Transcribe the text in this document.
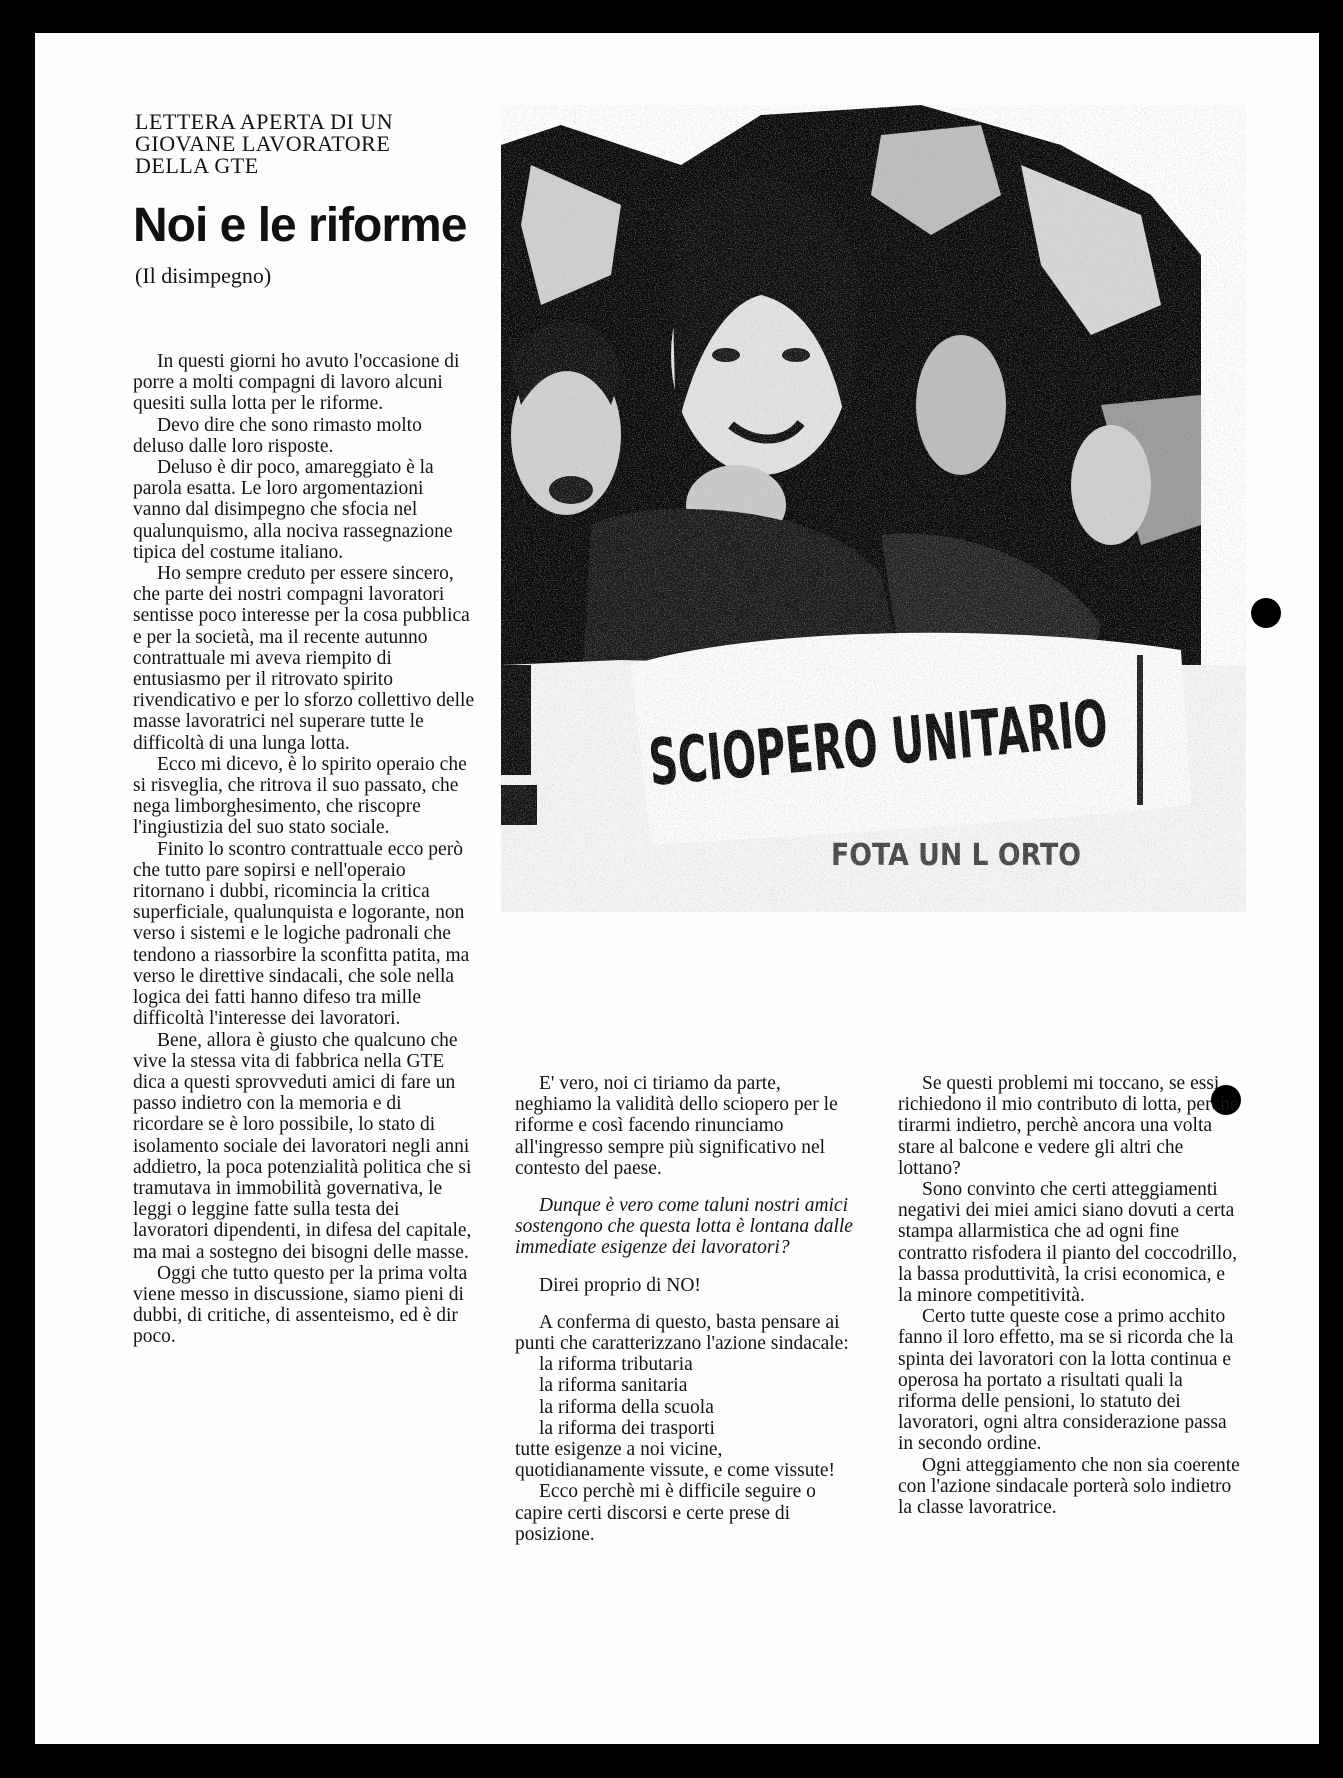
LETTERA APERTA DI UN
GIOVANE LAVORATORE
DELLA GTE
Noi e le riforme
(Il disimpegno)

In questi giorni ho avuto l'occasione di porre a molti compagni di lavoro alcuni quesiti sulla lotta per le riforme.

Devo dire che sono rimasto molto deluso dalle loro risposte.

Deluso è dir poco, amareggiato è la parola esatta. Le loro argomentazioni vanno dal disimpegno che sfocia nel qualunquismo, alla nociva rassegnazione tipica del costume italiano.

Ho sempre creduto per essere sincero, che parte dei nostri compagni lavoratori sentisse poco interesse per la cosa pubblica e per la società, ma il recente autunno contrattuale mi aveva riempito di entusiasmo per il ritrovato spirito rivendicativo e per lo sforzo collettivo delle masse lavoratrici nel superare tutte le difficoltà di una lunga lotta.

Ecco mi dicevo, è lo spirito operaio che si risveglia, che ritrova il suo passato, che nega limborghesimento, che riscopre l'ingiustizia del suo stato sociale.

Finito lo scontro contrattuale ecco però che tutto pare sopirsi e nell'operaio ritornano i dubbi, ricomincia la critica superficiale, qualunquista e logorante, non verso i sistemi e le logiche padronali che tendono a riassorbire la sconfitta patita, ma verso le direttive sindacali, che sole nella logica dei fatti hanno difeso tra mille difficoltà l'interesse dei lavoratori.

Bene, allora è giusto che qualcuno che vive la stessa vita di fabbrica nella GTE dica a questi sprovveduti amici di fare un passo indietro con la memoria e di ricordare se è loro possibile, lo stato di isolamento sociale dei lavoratori negli anni addietro, la poca potenzialità politica che si tramutava in immobilità governativa, le leggi o leggine fatte sulla testa dei lavoratori dipendenti, in difesa del capitale, ma mai a sostegno dei bisogni delle masse.

Oggi che tutto questo per la prima volta viene messo in discussione, siamo pieni di dubbi, di critiche, di assenteismo, ed è dir poco.

E' vero, noi ci tiriamo da parte, neghiamo la validità dello sciopero per le riforme e così facendo rinunciamo all'ingresso sempre più significativo nel contesto del paese.

Dunque è vero come taluni nostri amici sostengono che questa lotta è lontana dalle immediate esigenze dei lavoratori?

Direi proprio di NO!

A conferma di questo, basta pensare ai punti che caratterizzano l'azione sindacale:

la riforma tributaria

la riforma sanitaria

la riforma della scuola

la riforma dei trasporti

tutte esigenze a noi vicine, quotidianamente vissute, e come vissute!

Ecco perchè mi è difficile seguire o capire certi discorsi e certe prese di posizione.

Se questi problemi mi toccano, se essi richiedono il mio contributo di lotta, perchè tirarmi indietro, perchè ancora una volta stare al balcone e vedere gli altri che lottano?

Sono convinto che certi atteggiamenti negativi dei miei amici siano dovuti a certa stampa allarmistica che ad ogni fine contratto risfodera il pianto del coccodrillo, la bassa produttività, la crisi economica, e la minore competitività.

Certo tutte queste cose a primo acchito fanno il loro effetto, ma se si ricorda che la spinta dei lavoratori con la lotta continua e operosa ha portato a risultati quali la riforma delle pensioni, lo statuto dei lavoratori, ogni altra considerazione passa in secondo ordine.

Ogni atteggiamento che non sia coerente con l'azione sindacale porterà solo indietro la classe lavoratrice.
